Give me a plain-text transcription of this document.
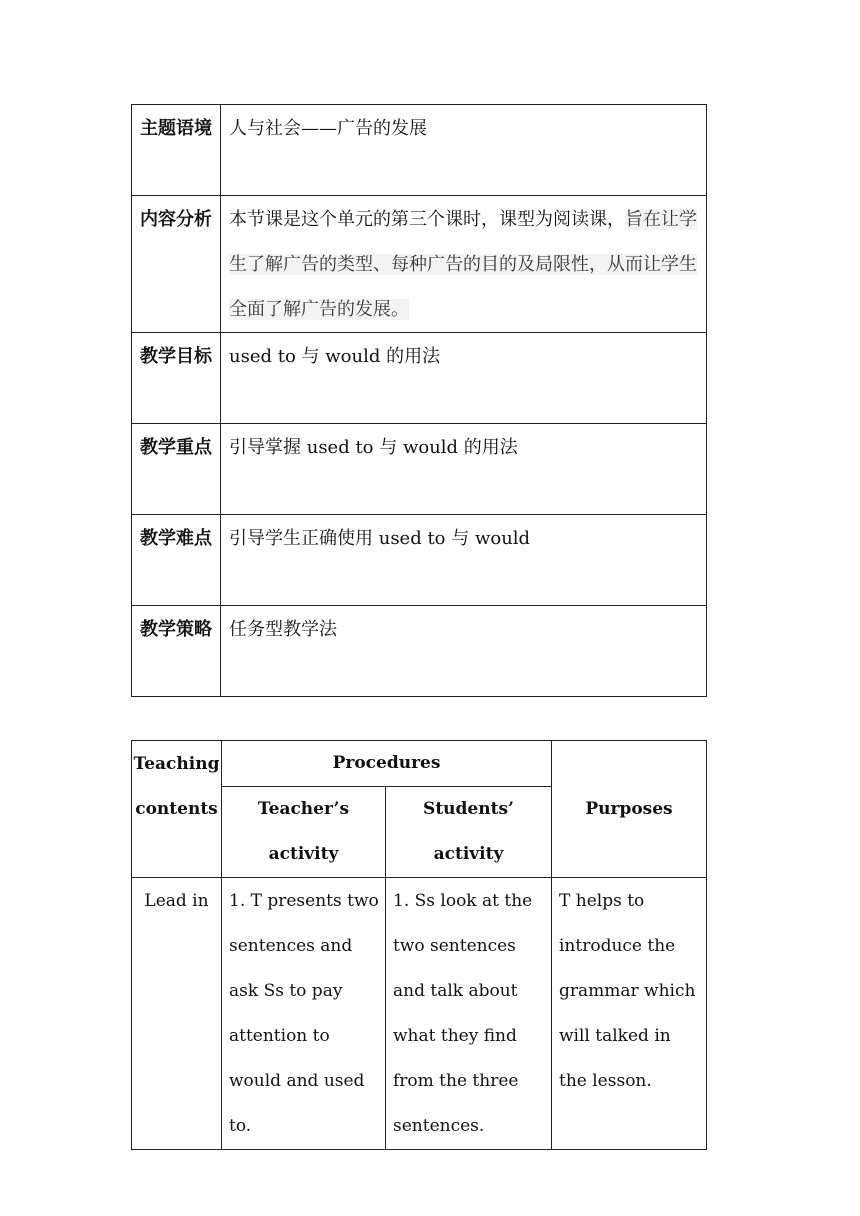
主题语境	人与社会——广告的发展
内容分析	本节课是这个单元的第三个课时，课型为阅读课，旨在让学生了解广告的类型、每种广告的目的及局限性，从而让学生全面了解广告的发展。
教学目标	used to 与 would 的用法
教学重点	引导掌握 used to 与 would 的用法
教学难点	引导学生正确使用 used to 与 would
教学策略	任务型教学法
Teaching contents	Procedures		Purposes
	Teacher’s activity	Students’ activity	
Lead in	1. T presents two sentences and ask Ss to pay attention to would and used to.	1. Ss look at the two sentences and talk about what they find from the three sentences.	T helps to introduce the grammar which will talked in the lesson.
